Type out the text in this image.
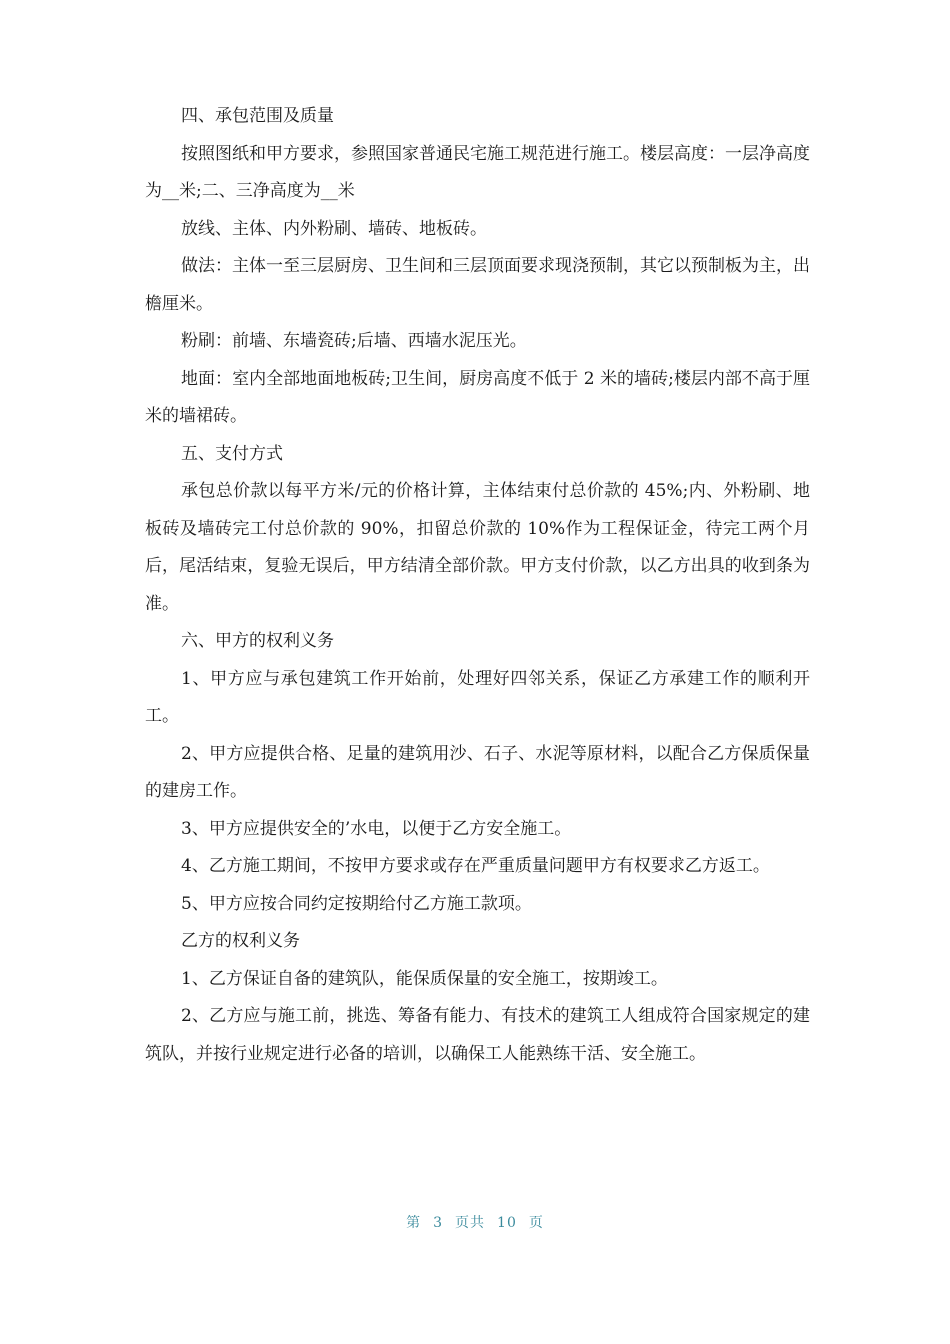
四、承包范围及质量

按照图纸和甲方要求，参照国家普通民宅施工规范进行施工。楼层高度：一层净高度为__米;二、三净高度为__米

放线、主体、内外粉刷、墙砖、地板砖。

做法：主体一至三层厨房、卫生间和三层顶面要求现浇预制，其它以预制板为主，出檐厘米。

粉刷：前墙、东墙瓷砖;后墙、西墙水泥压光。

地面：室内全部地面地板砖;卫生间，厨房高度不低于 2 米的墙砖;楼层内部不高于厘米的墙裙砖。

五、支付方式

承包总价款以每平方米/元的价格计算，主体结束付总价款的 45%;内、外粉刷、地板砖及墙砖完工付总价款的 90%，扣留总价款的 10%作为工程保证金，待完工两个月后，尾活结束，复验无误后，甲方结清全部价款。甲方支付价款，以乙方出具的收到条为准。

六、甲方的权利义务

1、甲方应与承包建筑工作开始前，处理好四邻关系，保证乙方承建工作的顺利开工。

2、甲方应提供合格、足量的建筑用沙、石子、水泥等原材料，以配合乙方保质保量的建房工作。

3、甲方应提供安全的’水电，以便于乙方安全施工。

4、乙方施工期间，不按甲方要求或存在严重质量问题甲方有权要求乙方返工。

5、甲方应按合同约定按期给付乙方施工款项。

乙方的权利义务

1、乙方保证自备的建筑队，能保质保量的安全施工，按期竣工。

2、乙方应与施工前，挑选、筹备有能力、有技术的建筑工人组成符合国家规定的建筑队，并按行业规定进行必备的培训，以确保工人能熟练干活、安全施工。

第 3 页共 10 页
